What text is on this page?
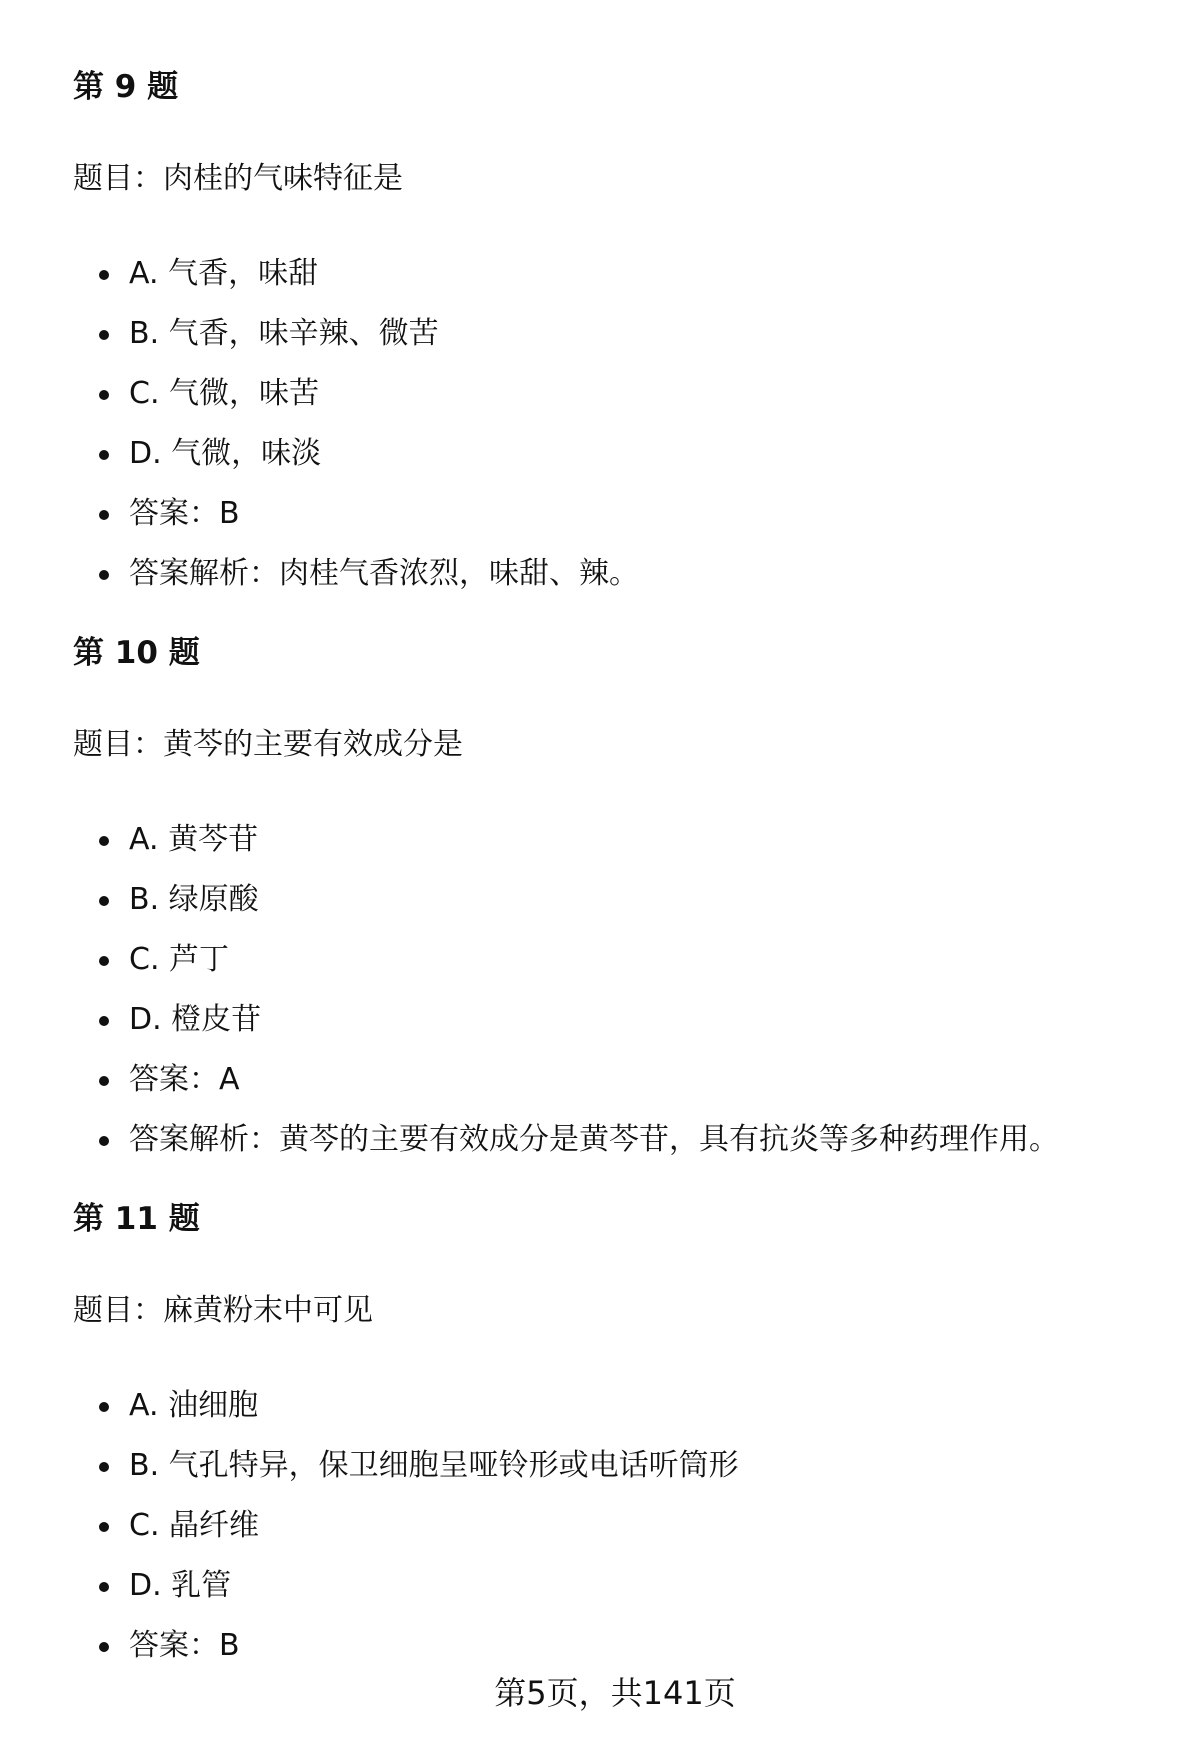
第 9 题
题目：肉桂的气味特征是
A. 气香，味甜
B. 气香，味辛辣、微苦
C. 气微，味苦
D. 气微，味淡
答案：B
答案解析：肉桂气香浓烈，味甜、辣。
第 10 题
题目：黄芩的主要有效成分是
A. 黄芩苷
B. 绿原酸
C. 芦丁
D. 橙皮苷
答案：A
答案解析：黄芩的主要有效成分是黄芩苷，具有抗炎等多种药理作用。
第 11 题
题目：麻黄粉末中可见
A. 油细胞
B. 气孔特异，保卫细胞呈哑铃形或电话听筒形
C. 晶纤维
D. 乳管
答案：B
第5页，共141页
